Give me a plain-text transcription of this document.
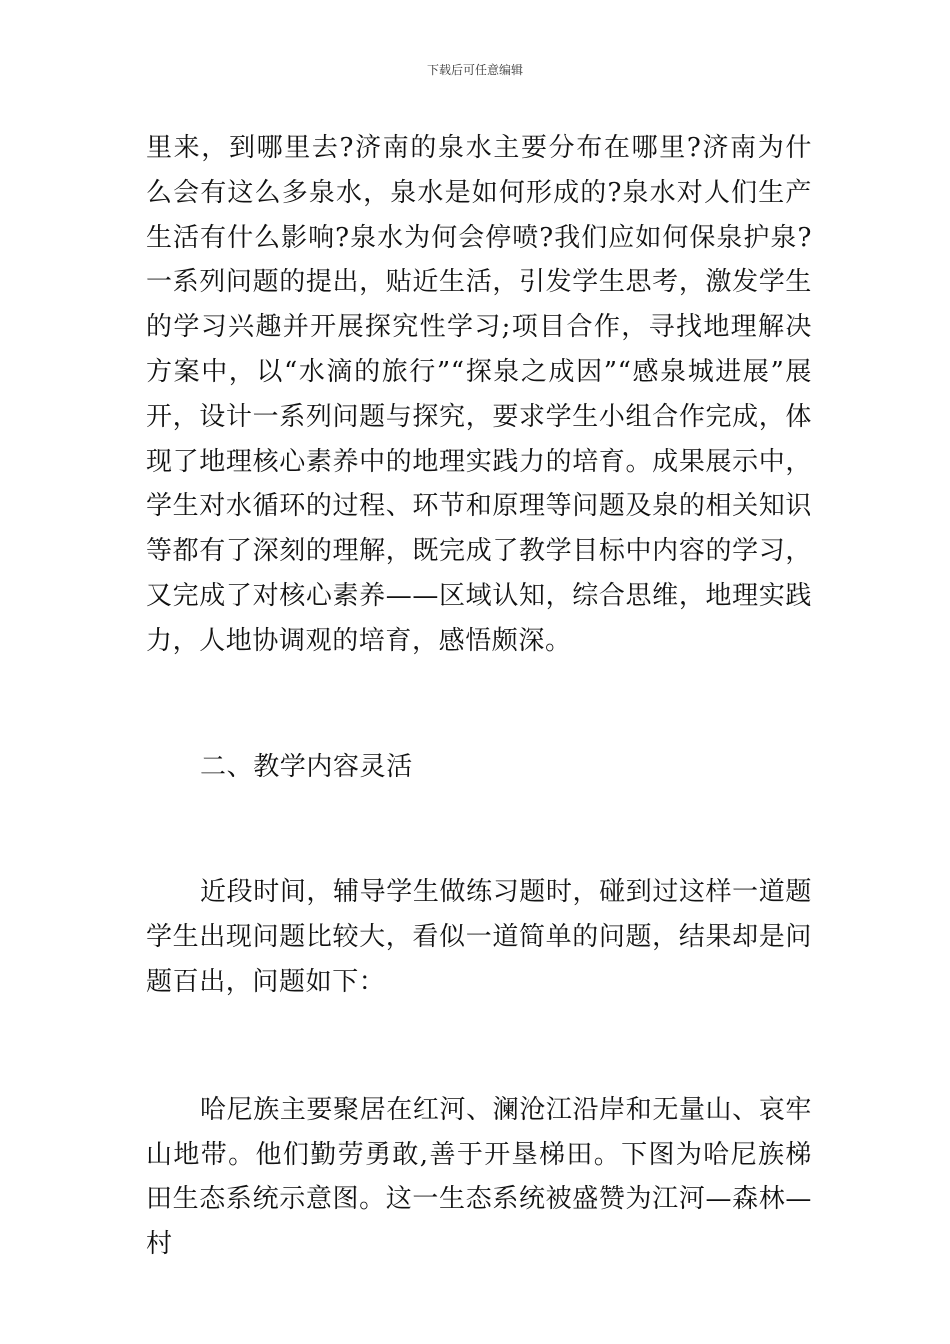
下载后可任意编辑

里来，到哪里去?济南的泉水主要分布在哪里?济南为什么会有这么多泉水，泉水是如何形成的?泉水对人们生产生活有什么影响?泉水为何会停喷?我们应如何保泉护泉?一系列问题的提出，贴近生活，引发学生思考，激发学生的学习兴趣并开展探究性学习;项目合作，寻找地理解决方案中，以“水滴的旅行”“探泉之成因”“感泉城进展”展开，设计一系列问题与探究，要求学生小组合作完成，体现了地理核心素养中的地理实践力的培育。成果展示中，学生对水循环的过程、环节和原理等问题及泉的相关知识等都有了深刻的理解，既完成了教学目标中内容的学习，又完成了对核心素养——区域认知，综合思维，地理实践力，人地协调观的培育，感悟颇深。

二、教学内容灵活

近段时间，辅导学生做练习题时，碰到过这样一道题学生出现问题比较大，看似一道简单的问题，结果却是问题百出，问题如下：

哈尼族主要聚居在红河、澜沧江沿岸和无量山、哀牢山地带。他们勤劳勇敢,善于开垦梯田。下图为哈尼族梯田生态系统示意图。这一生态系统被盛赞为江河—森林—村
